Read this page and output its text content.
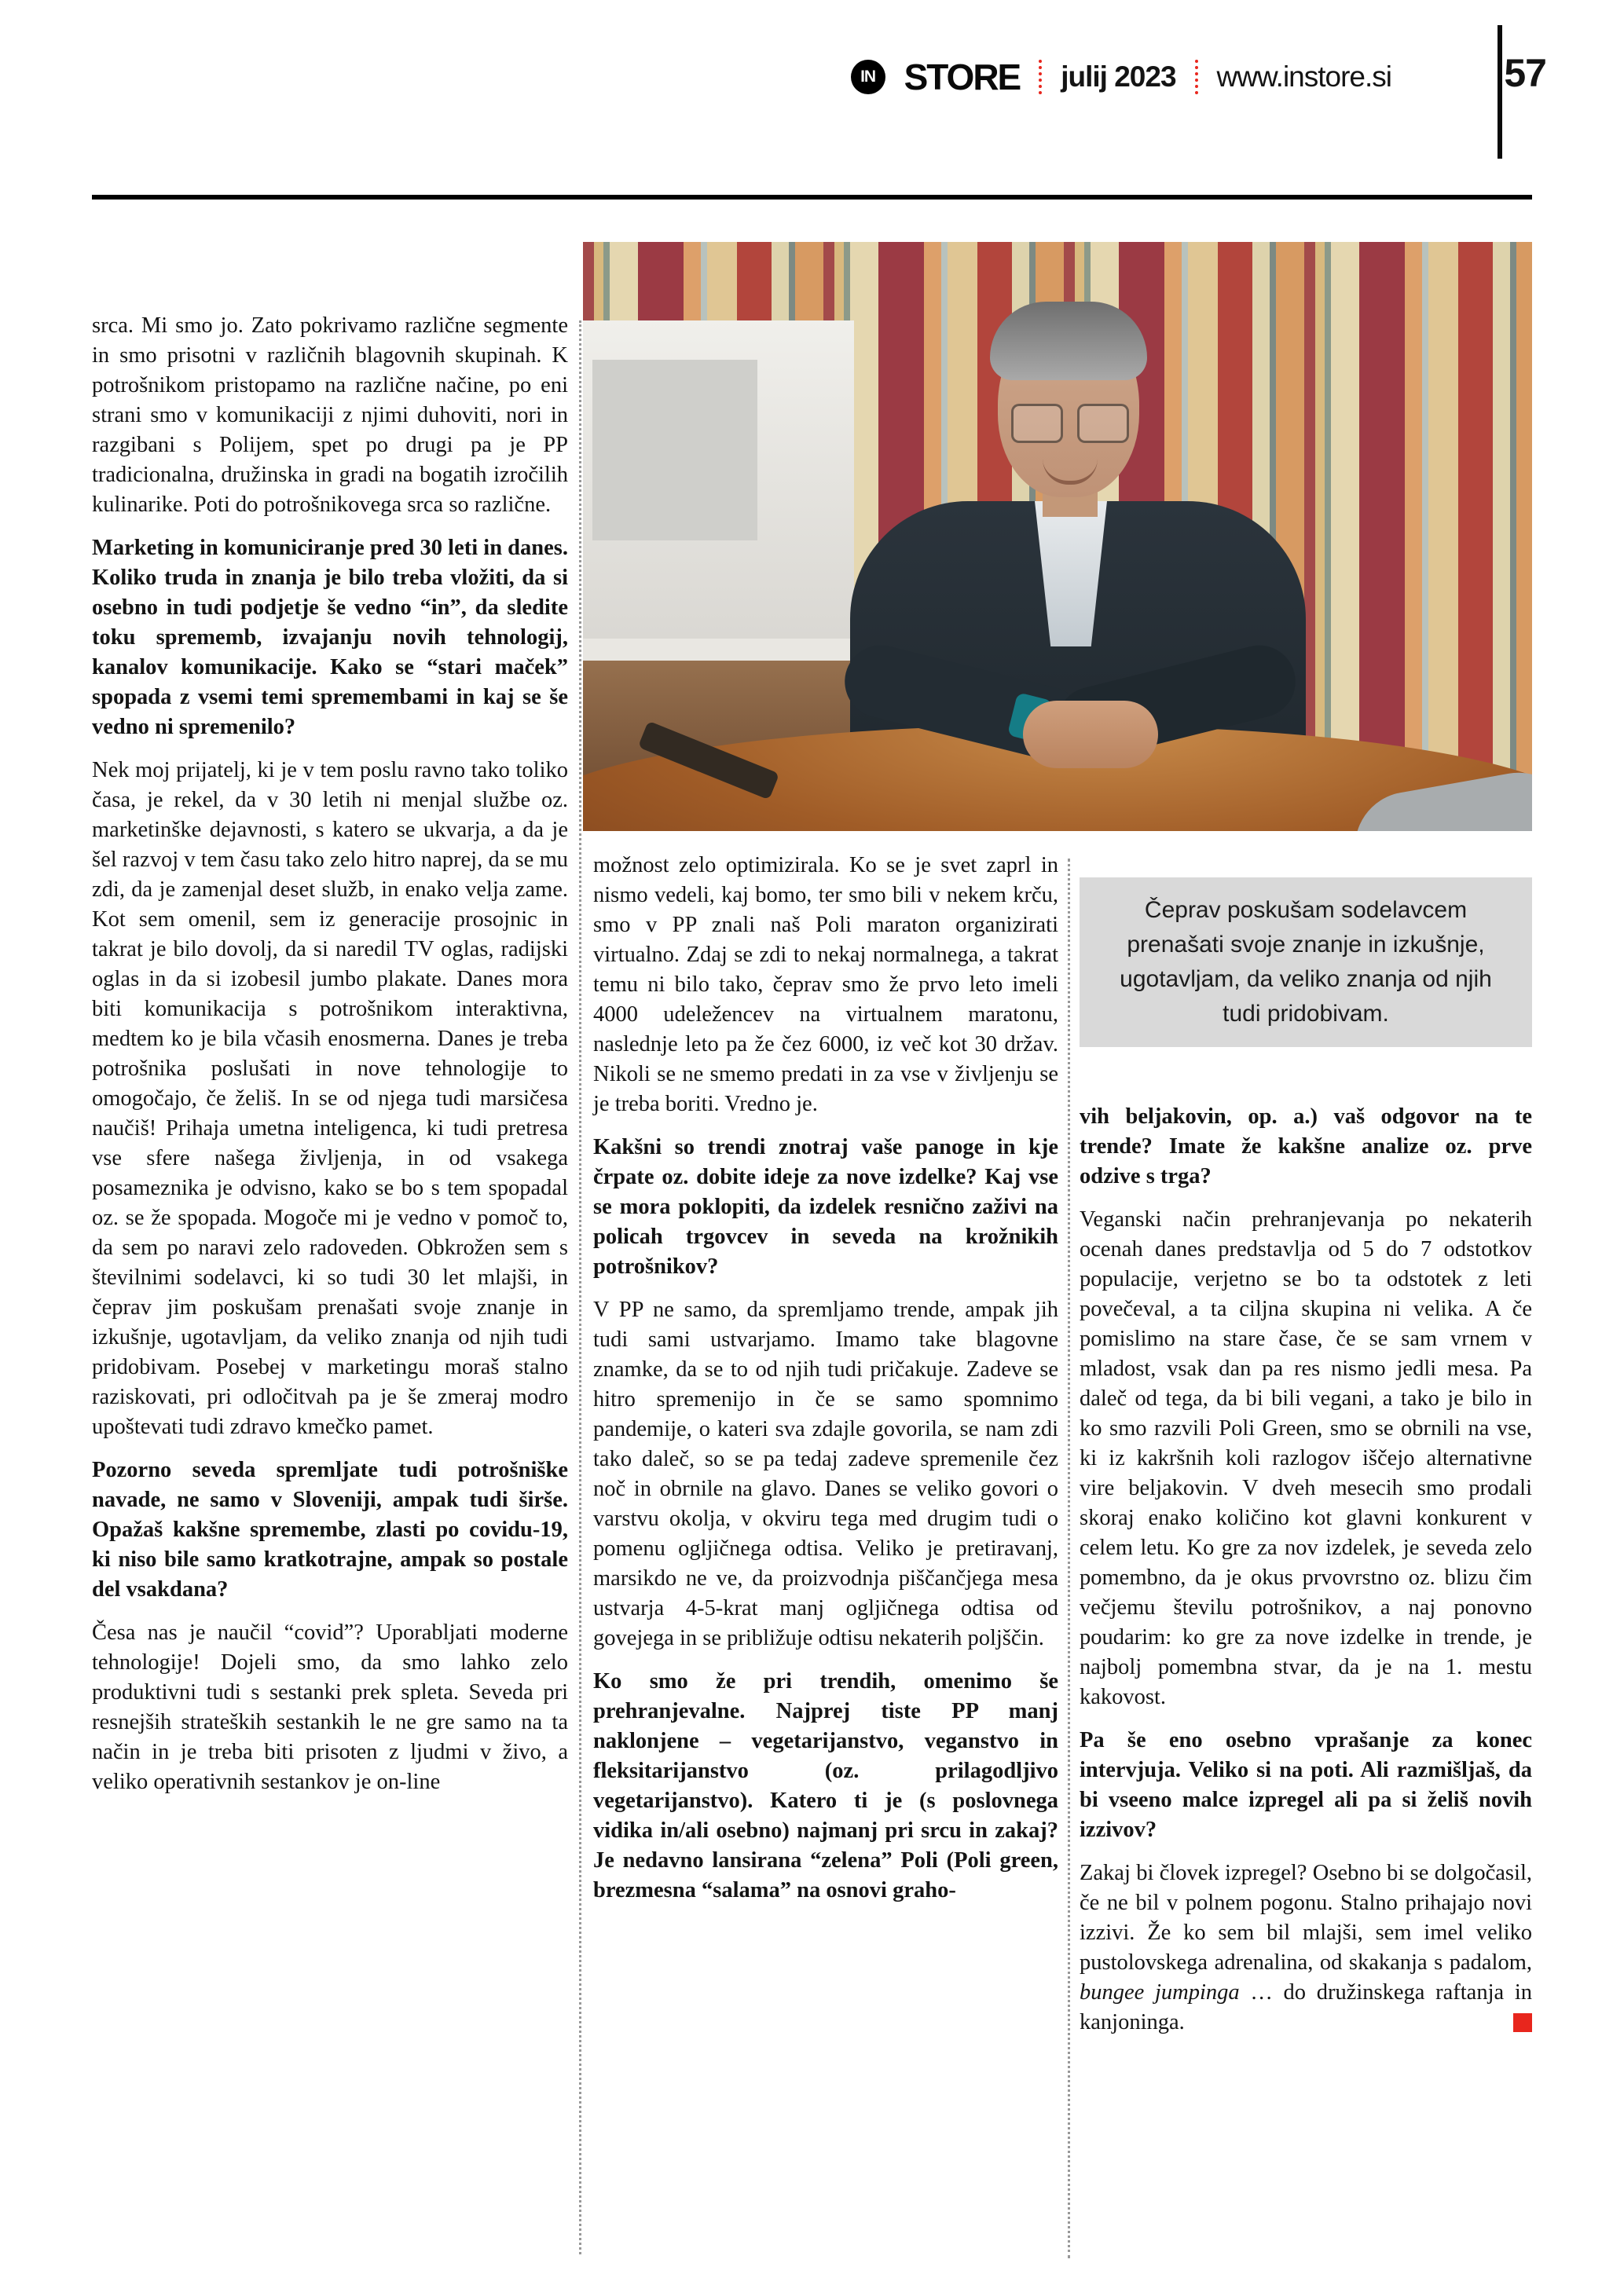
IN STORE julij 2023 www.instore.si	57

srca. Mi smo jo. Zato pokrivamo različne segmente in smo prisotni v različnih blagovnih skupinah. K potrošnikom pristopamo na različne načine, po eni strani smo v komunikaciji z njimi duhoviti, nori in razgibani s Polijem, spet po drugi pa je PP tradicionalna, družinska in gradi na bogatih izročilih kulinarike. Poti do potrošnikovega srca so različne.

Marketing in komuniciranje pred 30 leti in danes. Koliko truda in znanja je bilo treba vložiti, da si osebno in tudi podjetje še vedno “in”, da sledite toku sprememb, izvajanju novih tehnologij, kanalov komunikacije. Kako se “stari maček” spopada z vsemi temi spremembami in kaj se še vedno ni spremenilo?

Nek moj prijatelj, ki je v tem poslu ravno tako toliko časa, je rekel, da v 30 letih ni menjal službe oz. marketinške dejavnosti, s katero se ukvarja, a da je šel razvoj v tem času tako zelo hitro naprej, da se mu zdi, da je zamenjal deset služb, in enako velja zame. Kot sem omenil, sem iz generacije prosojnic in takrat je bilo dovolj, da si naredil TV oglas, radijski oglas in da si izobesil jumbo plakate. Danes mora biti komunikacija s potrošnikom interaktivna, medtem ko je bila včasih enosmerna. Danes je treba potrošnika poslušati in nove tehnologije to omogočajo, če želiš. In se od njega tudi marsičesa naučiš! Prihaja umetna inteligenca, ki tudi pretresa vse sfere našega življenja, in od vsakega posameznika je odvisno, kako se bo s tem spopadal oz. se že spopada. Mogoče mi je vedno v pomoč to, da sem po naravi zelo radoveden. Obkrožen sem s številnimi sodelavci, ki so tudi 30 let mlajši, in čeprav jim poskušam prenašati svoje znanje in izkušnje, ugotavljam, da veliko znanja od njih tudi pridobivam. Posebej v marketingu moraš stalno raziskovati, pri odločitvah pa je še zmeraj modro upoštevati tudi zdravo kmečko pamet.

Pozorno seveda spremljate tudi potrošniške navade, ne samo v Sloveniji, ampak tudi širše. Opažaš kakšne spremembe, zlasti po covidu-19, ki niso bile samo kratkotrajne, ampak so postale del vsakdana?

Česa nas je naučil “covid”? Uporabljati moderne tehnologije! Dojeli smo, da smo lahko zelo produktivni tudi s sestanki prek spleta. Seveda pri resnejših strateških sestankih le ne gre samo na ta način in je treba biti prisoten z ljudmi v živo, a veliko operativnih sestankov je on-line

možnost zelo optimizirala. Ko se je svet zaprl in nismo vedeli, kaj bomo, ter smo bili v nekem krču, smo v PP znali naš Poli maraton organizirati virtualno. Zdaj se zdi to nekaj normalnega, a takrat temu ni bilo tako, čeprav smo že prvo leto imeli 4000 udeležencev na virtualnem maratonu, naslednje leto pa že čez 6000, iz več kot 30 držav. Nikoli se ne smemo predati in za vse v življenju se je treba boriti. Vredno je.

Kakšni so trendi znotraj vaše panoge in kje črpate oz. dobite ideje za nove izdelke? Kaj vse se mora poklopiti, da izdelek resnično zaživi na policah trgovcev in seveda na krožnikih potrošnikov?

V PP ne samo, da spremljamo trende, ampak jih tudi sami ustvarjamo. Imamo take blagovne znamke, da se to od njih tudi pričakuje. Zadeve se hitro spremenijo in če se samo spomnimo pandemije, o kateri sva zdajle govorila, se nam zdi tako daleč, so se pa tedaj zadeve spremenile čez noč in obrnile na glavo. Danes se veliko govori o varstvu okolja, v okviru tega med drugim tudi o pomenu ogljičnega odtisa. Veliko je pretiravanj, marsikdo ne ve, da proizvodnja piščančjega mesa ustvarja 4-5-krat manj ogljičnega odtisa od govejega in se približuje odtisu nekaterih poljščin.

Ko smo že pri trendih, omenimo še prehranjevalne. Najprej tiste PP manj naklonjene – vegetarijanstvo, veganstvo in fleksitarijanstvo (oz. prilagodljivo vegetarijanstvo). Katero ti je (s poslovnega vidika in/ali osebno) najmanj pri srcu in zakaj? Je nedavno lansirana “zelena” Poli (Poli green, brezmesna “salama” na osnovi graho-

Čeprav poskušam sodelavcem prenašati svoje znanje in izkušnje, ugotavljam, da veliko znanja od njih tudi pridobivam.

vih beljakovin, op. a.) vaš odgovor na te trende? Imate že kakšne analize oz. prve odzive s trga?

Veganski način prehranjevanja po nekaterih ocenah danes predstavlja od 5 do 7 odstotkov populacije, verjetno se bo ta odstotek z leti povečeval, a ta ciljna skupina ni velika. A če pomislimo na stare čase, če se sam vrnem v mladost, vsak dan pa res nismo jedli mesa. Pa daleč od tega, da bi bili vegani, a tako je bilo in ko smo razvili Poli Green, smo se obrnili na vse, ki iz kakršnih koli razlogov iščejo alternativne vire beljakovin. V dveh mesecih smo prodali skoraj enako količino kot glavni konkurent v celem letu. Ko gre za nov izdelek, je seveda zelo pomembno, da je okus prvovrstno oz. blizu čim večjemu številu potrošnikov, a naj ponovno poudarim: ko gre za nove izdelke in trende, je najbolj pomembna stvar, da je na 1. mestu kakovost.

Pa še eno osebno vprašanje za konec intervjuja. Veliko si na poti. Ali razmišljaš, da bi vseeno malce izpregel ali pa si želiš novih izzivov?

Zakaj bi človek izpregel? Osebno bi se dolgočasil, če ne bil v polnem pogonu. Stalno prihajajo novi izzivi. Že ko sem bil mlajši, sem imel veliko pustolovskega adrenalina, od skakanja s padalom, bungee jumpinga … do družinskega raftanja in kanjoninga.
